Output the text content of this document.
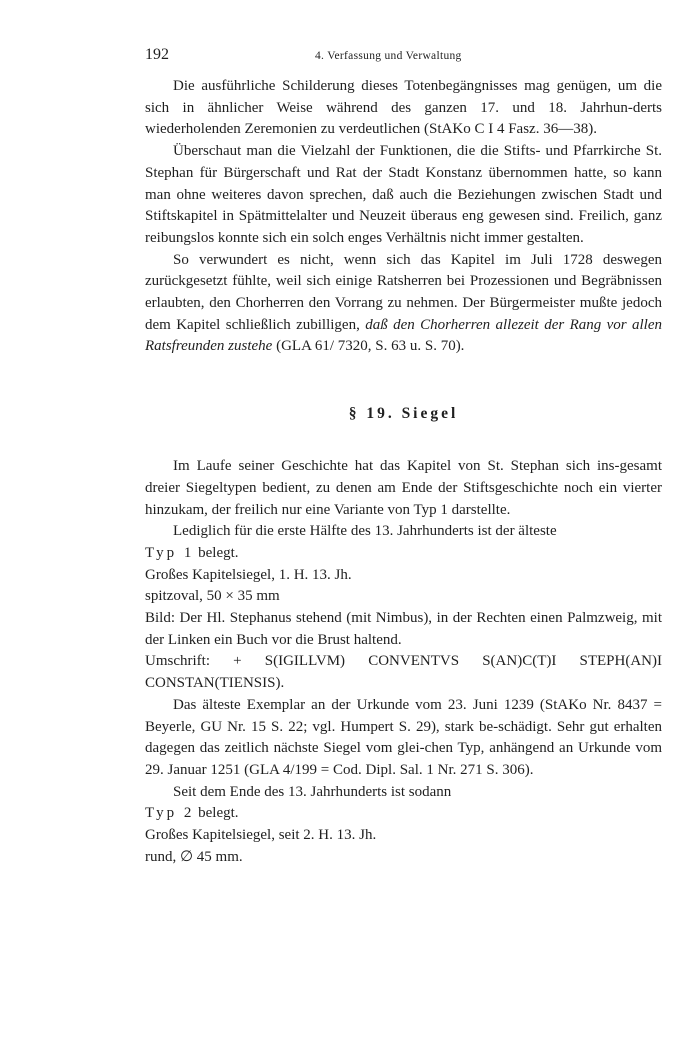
192	4. Verfassung und Verwaltung

Die ausführliche Schilderung dieses Totenbegängnisses mag genügen, um die sich in ähnlicher Weise während des ganzen 17. und 18. Jahrhun-derts wiederholenden Zeremonien zu verdeutlichen (StAKo C I 4 Fasz. 36—38).

Überschaut man die Vielzahl der Funktionen, die die Stifts- und Pfarrkirche St. Stephan für Bürgerschaft und Rat der Stadt Konstanz übernommen hatte, so kann man ohne weiteres davon sprechen, daß auch die Beziehungen zwischen Stadt und Stiftskapitel in Spätmittelalter und Neuzeit überaus eng gewesen sind. Freilich, ganz reibungslos konnte sich ein solch enges Verhältnis nicht immer gestalten.

So verwundert es nicht, wenn sich das Kapitel im Juli 1728 deswegen zurückgesetzt fühlte, weil sich einige Ratsherren bei Prozessionen und Begräbnissen erlaubten, den Chorherren den Vorrang zu nehmen. Der Bürgermeister mußte jedoch dem Kapitel schließlich zubilligen, daß den Chorherren allezeit der Rang vor allen Ratsfreunden zustehe (GLA 61/ 7320, S. 63 u. S. 70).

§ 19. Siegel

Im Laufe seiner Geschichte hat das Kapitel von St. Stephan sich ins-gesamt dreier Siegeltypen bedient, zu denen am Ende der Stiftsgeschichte noch ein vierter hinzukam, der freilich nur eine Variante von Typ 1 darstellte.

Lediglich für die erste Hälfte des 13. Jahrhunderts ist der älteste

Typ 1 belegt.

Großes Kapitelsiegel, 1. H. 13. Jh.

spitzoval, 50 × 35 mm

Bild: Der Hl. Stephanus stehend (mit Nimbus), in der Rechten einen Palmzweig, mit der Linken ein Buch vor die Brust haltend.

Umschrift: + S(IGILLVM) CONVENTVS S(AN)C(T)I STEPH(AN)I CONSTAN(TIENSIS).

Das älteste Exemplar an der Urkunde vom 23. Juni 1239 (StAKo Nr. 8437 = Beyerle, GU Nr. 15 S. 22; vgl. Humpert S. 29), stark be-schädigt. Sehr gut erhalten dagegen das zeitlich nächste Siegel vom glei-chen Typ, anhängend an Urkunde vom 29. Januar 1251 (GLA 4/199 = Cod. Dipl. Sal. 1 Nr. 271 S. 306).

Seit dem Ende des 13. Jahrhunderts ist sodann

Typ 2 belegt.

Großes Kapitelsiegel, seit 2. H. 13. Jh.

rund, ∅ 45 mm.
